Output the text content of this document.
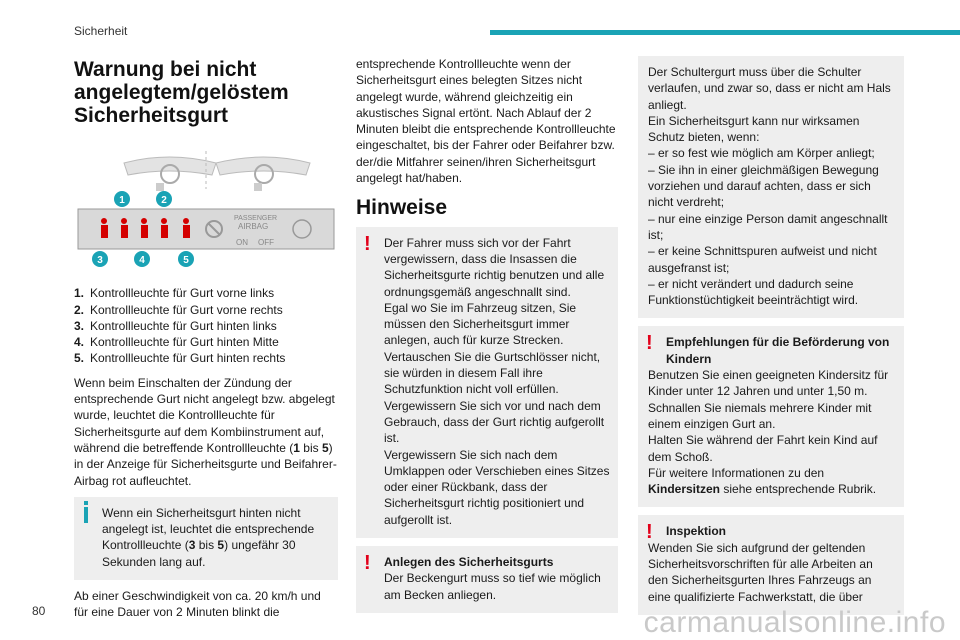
Sicherheit
Warnung bei nicht angelegtem/gelöstem Sicherheitsgurt
PASSENGER
AIRBAG
ON OFF
1	2
3	4	5
1. Kontrollleuchte für Gurt vorne links
2. Kontrollleuchte für Gurt vorne rechts
3. Kontrollleuchte für Gurt hinten links
4. Kontrollleuchte für Gurt hinten Mitte
5. Kontrollleuchte für Gurt hinten rechts

Wenn beim Einschalten der Zündung der entsprechende Gurt nicht angelegt bzw. abgelegt wurde, leuchtet die Kontrollleuchte für Sicherheitsgurte auf dem Kombiinstrument auf, während die betreffende Kontrollleuchte (1 bis 5) in der Anzeige für Sicherheitsgurte und Beifahrer-Airbag rot aufleuchtet.

Wenn ein Sicherheitsgurt hinten nicht angelegt ist, leuchtet die entsprechende Kontrollleuchte (3 bis 5) ungefähr 30 Sekunden lang auf.

Ab einer Geschwindigkeit von ca. 20 km/h und für eine Dauer von 2 Minuten blinkt die

entsprechende Kontrollleuchte wenn der Sicherheitsgurt eines belegten Sitzes nicht angelegt wurde, während gleichzeitig ein akustisches Signal ertönt. Nach Ablauf der 2 Minuten bleibt die entsprechende Kontrollleuchte eingeschaltet, bis der Fahrer oder Beifahrer bzw. der/die Mitfahrer seinen/ihren Sicherheitsgurt angelegt hat/haben.

Hinweise
!	Der Fahrer muss sich vor der Fahrt vergewissern, dass die Insassen die Sicherheitsgurte richtig benutzen und alle ordnungsgemäß angeschnallt sind.
Egal wo Sie im Fahrzeug sitzen, Sie müssen den Sicherheitsgurt immer anlegen, auch für kurze Strecken.
Vertauschen Sie die Gurtschlösser nicht, sie würden in diesem Fall ihre Schutzfunktion nicht voll erfüllen.
Vergewissern Sie sich vor und nach dem Gebrauch, dass der Gurt richtig aufgerollt ist.
Vergewissern Sie sich nach dem Umklappen oder Verschieben eines Sitzes oder einer Rückbank, dass der Sicherheitsgurt richtig positioniert und aufgerollt ist.
!	Anlegen des Sicherheitsgurts
Der Beckengurt muss so tief wie möglich am Becken anliegen.
Der Schultergurt muss über die Schulter verlaufen, und zwar so, dass er nicht am Hals anliegt.
Ein Sicherheitsgurt kann nur wirksamen Schutz bieten, wenn:
– er so fest wie möglich am Körper anliegt;
– Sie ihn in einer gleichmäßigen Bewegung vorziehen und darauf achten, dass er sich nicht verdreht;
– nur eine einzige Person damit angeschnallt ist;
– er keine Schnittspuren aufweist und nicht ausgefranst ist;
– er nicht verändert und dadurch seine Funktionstüchtigkeit beeinträchtigt wird.
!	Empfehlungen für die Beförderung von Kindern
Benutzen Sie einen geeigneten Kindersitz für Kinder unter 12 Jahren und unter 1,50 m.
Schnallen Sie niemals mehrere Kinder mit einem einzigen Gurt an.
Halten Sie während der Fahrt kein Kind auf dem Schoß.
Für weitere Informationen zu den Kindersitzen siehe entsprechende Rubrik.
!	Inspektion
Wenden Sie sich aufgrund der geltenden Sicherheitsvorschriften für alle Arbeiten an den Sicherheitsgurten Ihres Fahrzeugs an eine qualifizierte Fachwerkstatt, die über
80	carmanualsonline.info
